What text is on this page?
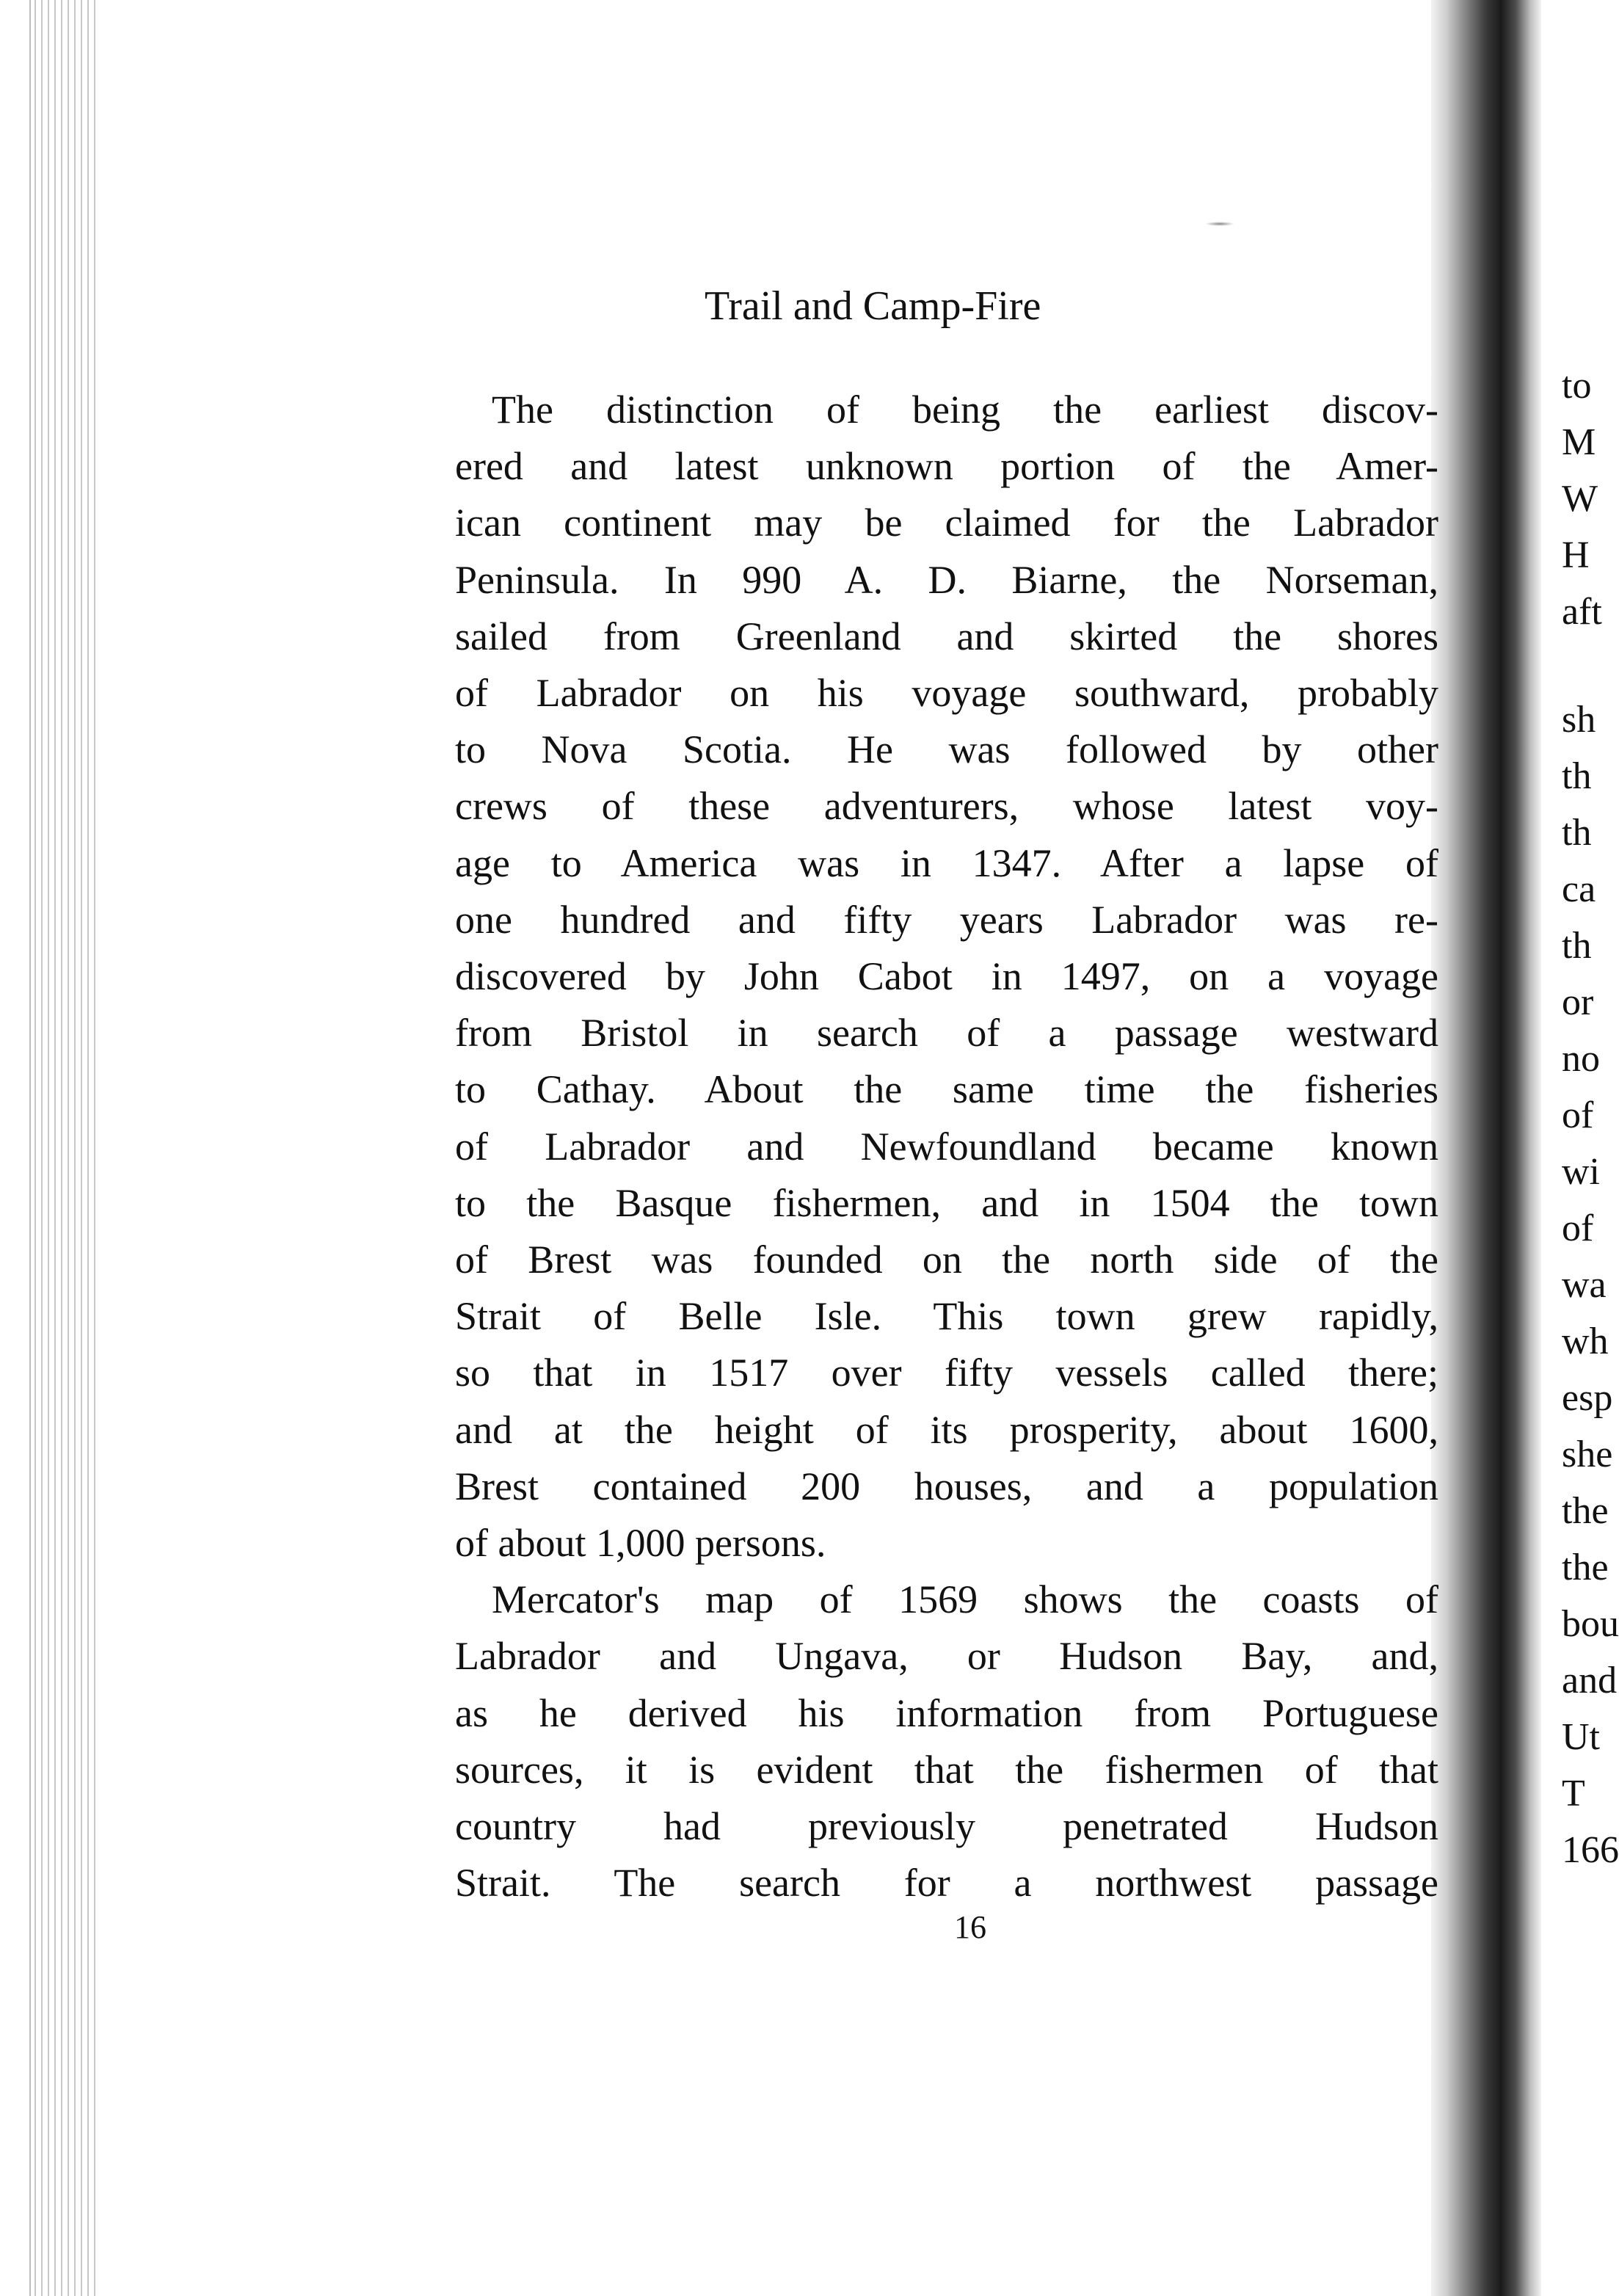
Trail and Camp-Fire
The distinction of being the earliest discov-
ered and latest unknown portion of the Amer-
ican continent may be claimed for the Labrador
Peninsula. In 990 A. D. Biarne, the Norseman,
sailed from Greenland and skirted the shores
of Labrador on his voyage southward, probably
to Nova Scotia. He was followed by other
crews of these adventurers, whose latest voy-
age to America was in 1347. After a lapse of
one hundred and fifty years Labrador was re-
discovered by John Cabot in 1497, on a voyage
from Bristol in search of a passage westward
to Cathay. About the same time the fisheries
of Labrador and Newfoundland became known
to the Basque fishermen, and in 1504 the town
of Brest was founded on the north side of the
Strait of Belle Isle. This town grew rapidly,
so that in 1517 over fifty vessels called there;
and at the height of its prosperity, about 1600,
Brest contained 200 houses, and a population
of about 1,000 persons.
Mercator's map of 1569 shows the coasts of
Labrador and Ungava, or Hudson Bay, and,
as he derived his information from Portuguese
sources, it is evident that the fishermen of that
country had previously penetrated Hudson
Strait. The search for a northwest passage
16
to
M
W
H
aft
sh
th
th
ca
th
or
no
of
wi
of
wa
wh
esp
she
the
the
bou
and
Ut
T
166
